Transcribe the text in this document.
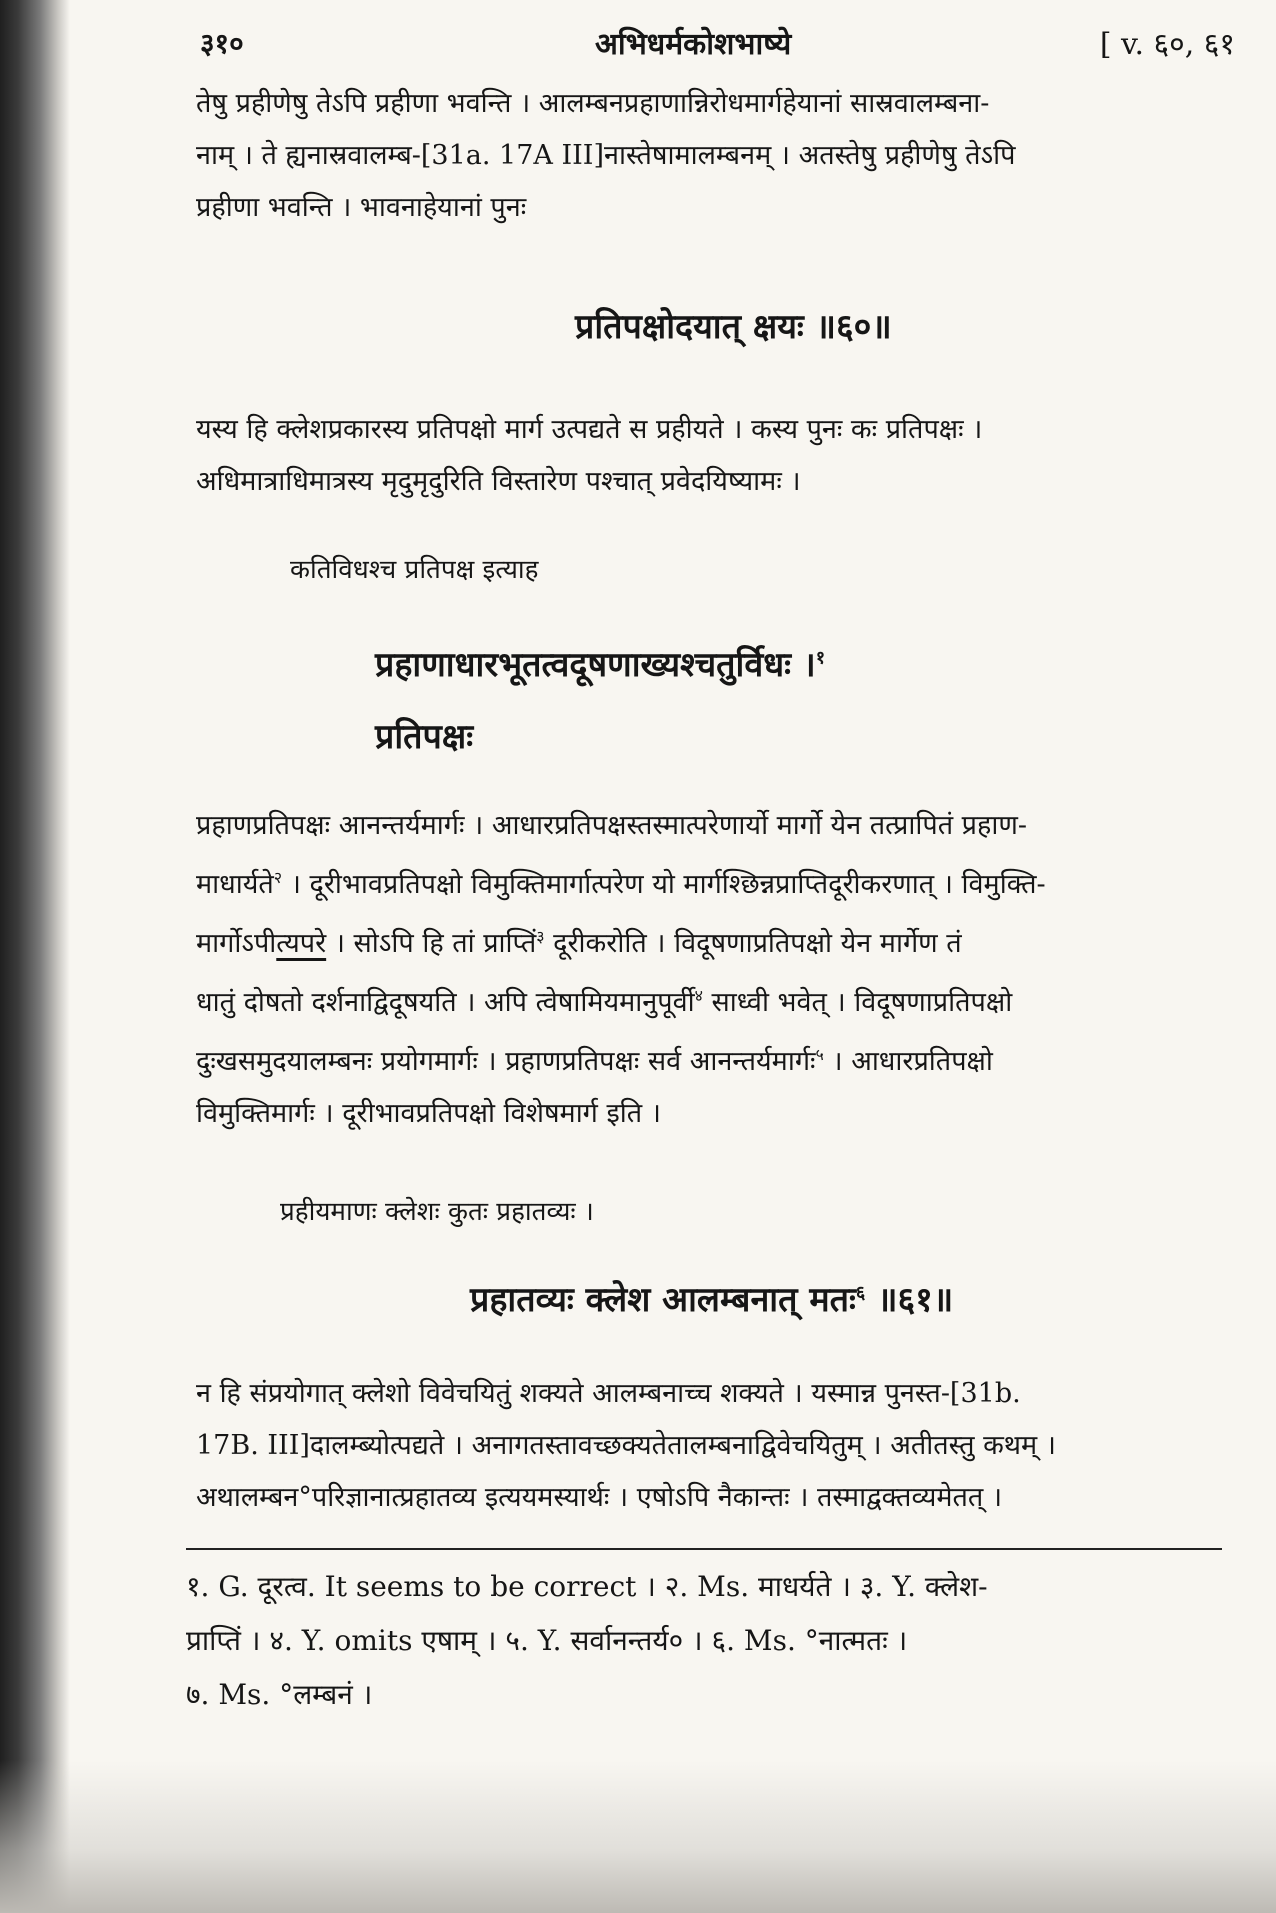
३१०	अभिधर्मकोशभाष्ये	[ v. ६०, ६१
तेषु प्रहीणेषु तेऽपि प्रहीणा भवन्ति । आलम्बनप्रहाणान्निरोधमार्गहेयानां सास्रवालम्बना-
नाम् । ते ह्यनास्रवालम्ब-[31a. 17A III]नास्तेषामालम्बनम् । अतस्तेषु प्रहीणेषु तेऽपि
प्रहीणा भवन्ति । भावनाहेयानां पुनः
प्रतिपक्षोदयात् क्षयः ॥६०॥
यस्य हि क्लेशप्रकारस्य प्रतिपक्षो मार्ग उत्पद्यते स प्रहीयते । कस्य पुनः कः प्रतिपक्षः ।
अधिमात्राधिमात्रस्य मृदुमृदुरिति विस्तारेण पश्चात् प्रवेदयिष्यामः ।
कतिविधश्च प्रतिपक्ष इत्याह
प्रहाणाधारभूतत्वदूषणाख्यश्चतुर्विधः ।$^१$
प्रतिपक्षः
प्रहाणप्रतिपक्षः आनन्तर्यमार्गः । आधारप्रतिपक्षस्तस्मात्परेणार्यो मार्गो येन तत्प्रापितं प्रहाण-
माधार्यते$^२$ । दूरीभावप्रतिपक्षो विमुक्तिमार्गात्परेण यो मार्गश्छिन्नप्राप्तिदूरीकरणात् । विमुक्ति-
मार्गोऽपीत्यपरे । सोऽपि हि तां प्राप्तिं$^३$ दूरीकरोति । विदूषणाप्रतिपक्षो येन मार्गेण तं
धातुं दोषतो दर्शनाद्विदूषयति । अपि त्वेषामियमानुपूर्वी$^४$ साध्वी भवेत् । विदूषणाप्रतिपक्षो
दुःखसमुदयालम्बनः प्रयोगमार्गः । प्रहाणप्रतिपक्षः सर्व आनन्तर्यमार्गः$^५$ । आधारप्रतिपक्षो
विमुक्तिमार्गः । दूरीभावप्रतिपक्षो विशेषमार्ग इति ।
प्रहीयमाणः क्लेशः कुतः प्रहातव्यः ।
प्रहातव्यः क्लेश आलम्बनात् मतः$^६$ ॥६१॥
न हि संप्रयोगात् क्लेशो विवेचयितुं शक्यते आलम्बनाच्च शक्यते । यस्मान्न पुनस्त-[31b.
17B. III]दालम्ब्योत्पद्यते । अनागतस्तावच्छक्यतेतालम्बनाद्विवेचयितुम् । अतीतस्तु कथम् ।
अथालम्बन°परिज्ञानात्प्रहातव्य इत्ययमस्यार्थः । एषोऽपि नैकान्तः । तस्माद्वक्तव्यमेतत् ।
१. G. दूरत्व. It seems to be correct । २. Ms. माधर्यते । ३. Y. क्लेश-
प्राप्तिं । ४. Y. omits एषाम् । ५. Y. सर्वानन्तर्य० । ६. Ms. °नात्मतः ।
७. Ms. °लम्बनं ।
